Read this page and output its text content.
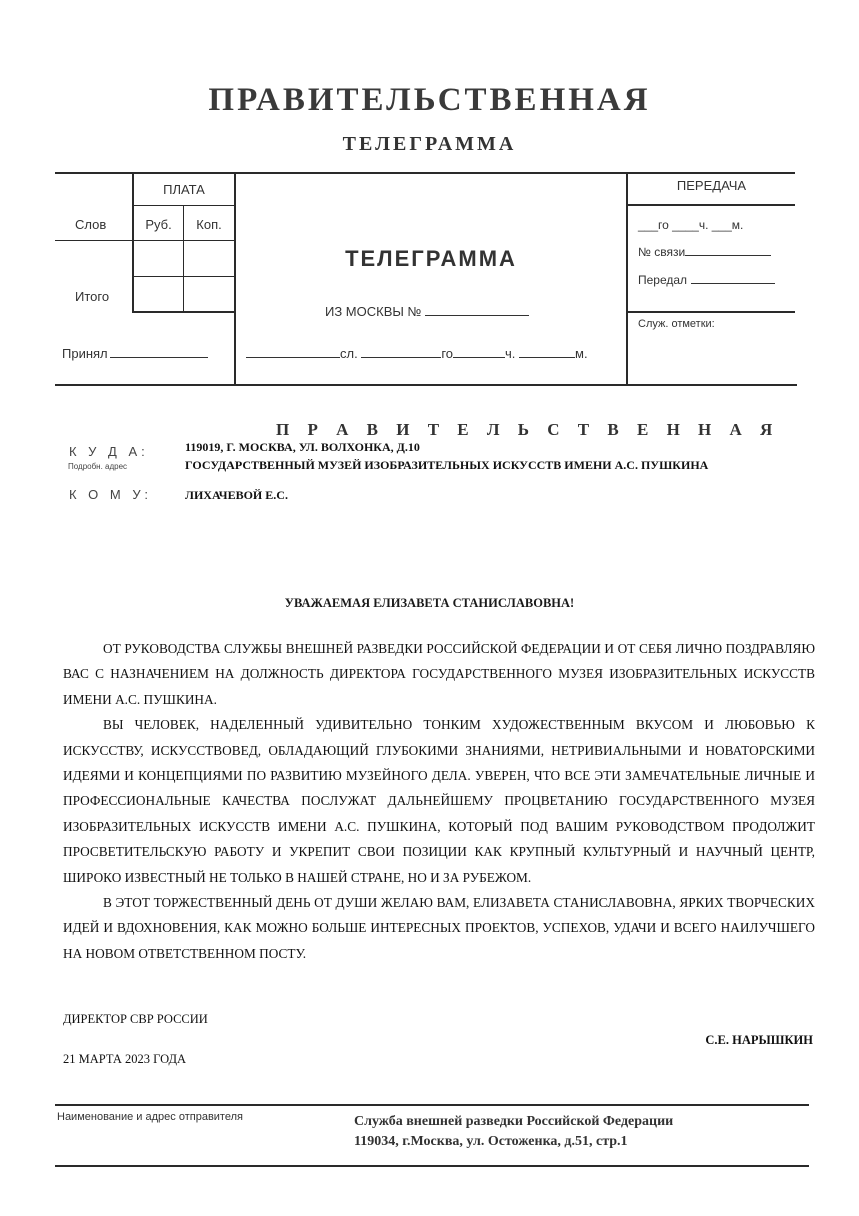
ПРАВИТЕЛЬСТВЕННАЯ
ТЕЛЕГРАММА
ПЛАТА
Слов	Руб.	Коп.
Итого
Принял
ТЕЛЕГРАММА
ИЗ МОСКВЫ №
сл.	го	ч.	м.
ПЕРЕДАЧА
___го ____ч. ___м.
№ связи
Передал
Служ. отметки:
П Р А В И Т Е Л Ь С Т В Е Н Н А Я
К У Д А:
Подробн. адрес
119019, Г. МОСКВА, УЛ. ВОЛХОНКА, Д.10
ГОСУДАРСТВЕННЫЙ МУЗЕЙ ИЗОБРАЗИТЕЛЬНЫХ ИСКУССТВ ИМЕНИ А.С. ПУШКИНА
К О М У:	ЛИХАЧЕВОЙ Е.С.
УВАЖАЕМАЯ ЕЛИЗАВЕТА СТАНИСЛАВОВНА!

ОТ РУКОВОДСТВА СЛУЖБЫ ВНЕШНЕЙ РАЗВЕДКИ РОССИЙСКОЙ ФЕДЕРАЦИИ И ОТ СЕБЯ ЛИЧНО ПОЗДРАВЛЯЮ ВАС С НАЗНАЧЕНИЕМ НА ДОЛЖНОСТЬ ДИРЕКТОРА ГОСУДАРСТВЕННОГО МУЗЕЯ ИЗОБРАЗИТЕЛЬНЫХ ИСКУССТВ ИМЕНИ А.С. ПУШКИНА.

ВЫ ЧЕЛОВЕК, НАДЕЛЕННЫЙ УДИВИТЕЛЬНО ТОНКИМ ХУДОЖЕСТВЕННЫМ ВКУСОМ И ЛЮБОВЬЮ К ИСКУССТВУ, ИСКУССТВОВЕД, ОБЛАДАЮЩИЙ ГЛУБОКИМИ ЗНАНИЯМИ, НЕТРИВИАЛЬНЫМИ И НОВАТОРСКИМИ ИДЕЯМИ И КОНЦЕПЦИЯМИ ПО РАЗВИТИЮ МУЗЕЙНОГО ДЕЛА. УВЕРЕН, ЧТО ВСЕ ЭТИ ЗАМЕЧАТЕЛЬНЫЕ ЛИЧНЫЕ И ПРОФЕССИОНАЛЬНЫЕ КАЧЕСТВА ПОСЛУЖАТ ДАЛЬНЕЙШЕМУ ПРОЦВЕТАНИЮ ГОСУДАРСТВЕННОГО МУЗЕЯ ИЗОБРАЗИТЕЛЬНЫХ ИСКУССТВ ИМЕНИ А.С. ПУШКИНА, КОТОРЫЙ ПОД ВАШИМ РУКОВОДСТВОМ ПРОДОЛЖИТ ПРОСВЕТИТЕЛЬСКУЮ РАБОТУ И УКРЕПИТ СВОИ ПОЗИЦИИ КАК КРУПНЫЙ КУЛЬТУРНЫЙ И НАУЧНЫЙ ЦЕНТР, ШИРОКО ИЗВЕСТНЫЙ НЕ ТОЛЬКО В НАШЕЙ СТРАНЕ, НО И ЗА РУБЕЖОМ.

В ЭТОТ ТОРЖЕСТВЕННЫЙ ДЕНЬ ОТ ДУШИ ЖЕЛАЮ ВАМ, ЕЛИЗАВЕТА СТАНИСЛАВОВНА, ЯРКИХ ТВОРЧЕСКИХ ИДЕЙ И ВДОХНОВЕНИЯ, КАК МОЖНО БОЛЬШЕ ИНТЕРЕСНЫХ ПРОЕКТОВ, УСПЕХОВ, УДАЧИ И ВСЕГО НАИЛУЧШЕГО НА НОВОМ ОТВЕТСТВЕННОМ ПОСТУ.

ДИРЕКТОР СВР РОССИИ
С.Е. НАРЫШКИН
21 МАРТА 2023 ГОДА
Наименование и адрес отправителя	Служба внешней разведки Российской Федерации
119034, г.Москва, ул. Остоженка, д.51, стр.1
